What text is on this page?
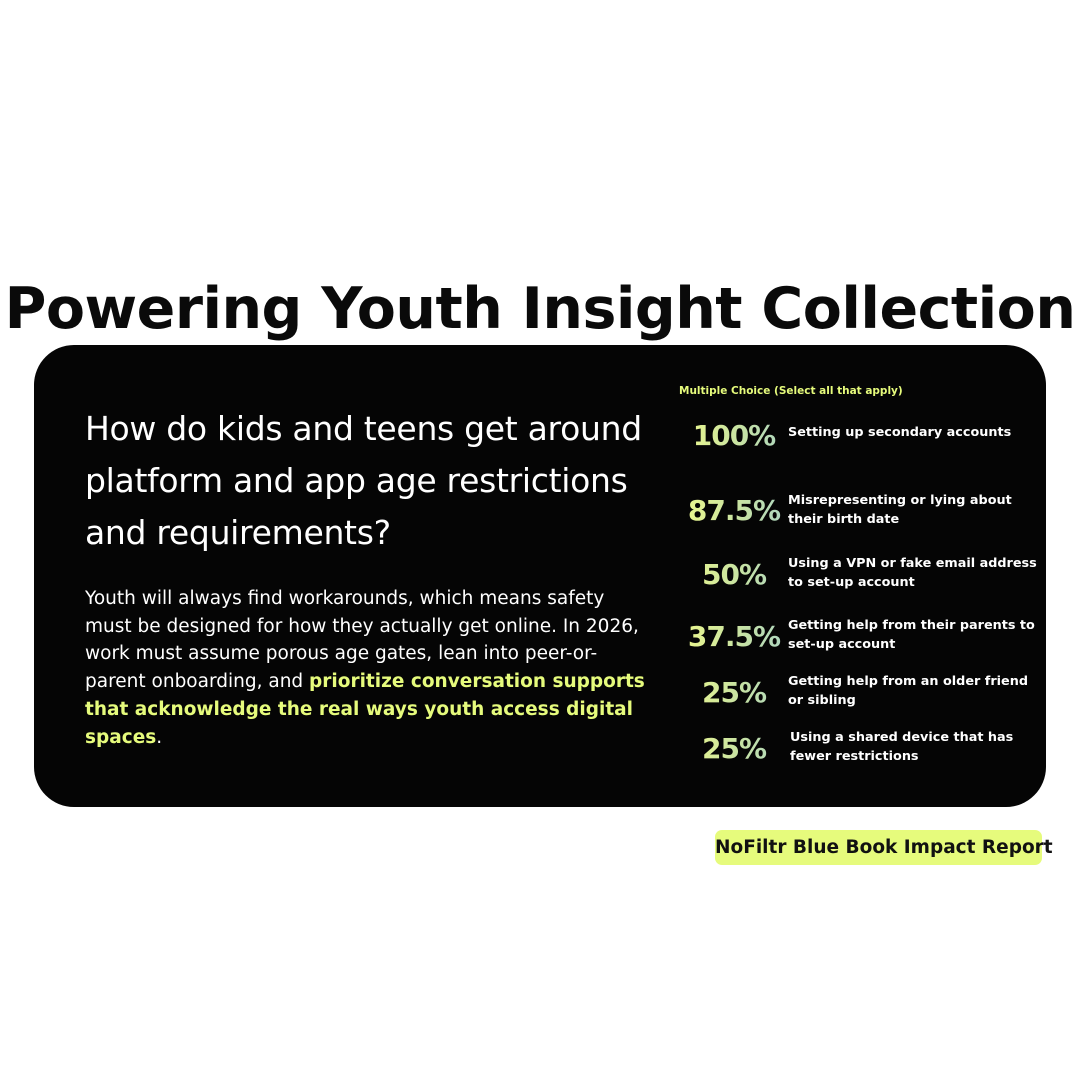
Powering Youth Insight Collection
How do kids and teens get around platform and app age restrictions and requirements?
Youth will always find workarounds, which means safety must be designed for how they actually get online. In 2026, work must assume porous age gates, lean into peer-or-parent onboarding, and prioritize conversation supports that acknowledge the real ways youth access digital spaces.
Multiple Choice (Select all that apply)
100% Setting up secondary accounts
87.5% Misrepresenting or lying about their birth date
50%	Using a VPN or fake email address to set-up account
37.5% Getting help from their parents to set-up account
25%	Getting help from an older friend or sibling
25%	Using a shared device that has fewer restrictions
NoFiltr Blue Book Impact Report
